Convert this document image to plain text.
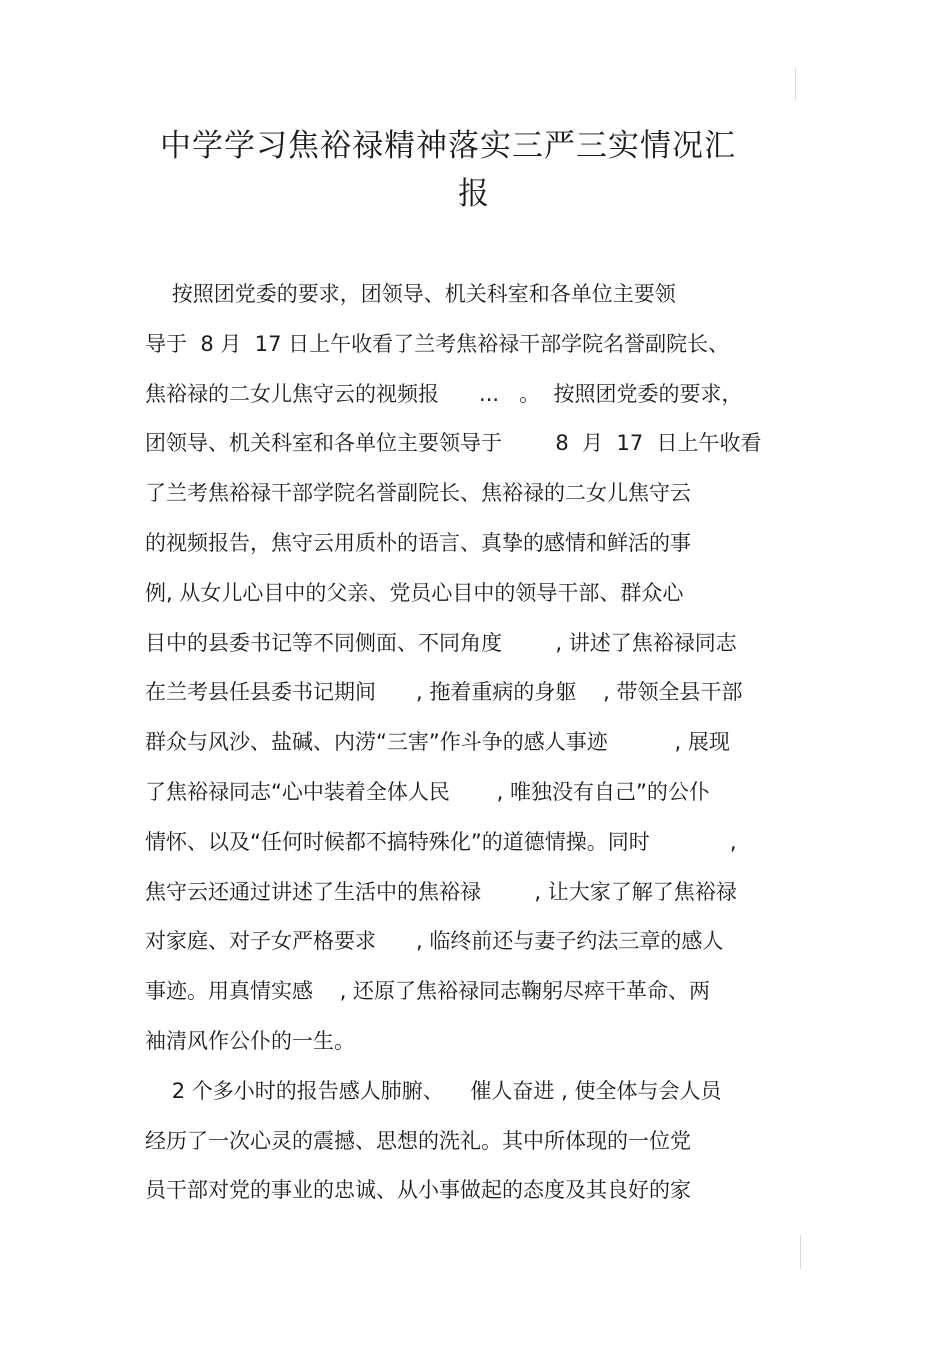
中学学习焦裕禄精神落实三严三实情况汇
报
按照团党委的要求，团领导、机关科室和各单位主要领
导于  8 月  17 日上午收看了兰考焦裕禄干部学院名誉副院长、
焦裕禄的二女儿焦守云的视频报      ...   。  按照团党委的要求，
团领导、机关科室和各单位主要领导于        8  月  17  日上午收看
了兰考焦裕禄干部学院名誉副院长、焦裕禄的二女儿焦守云
的视频报告，焦守云用质朴的语言、真挚的感情和鲜活的事
例, 从女儿心目中的父亲、党员心目中的领导干部、群众心
目中的县委书记等不同侧面、不同角度        , 讲述了焦裕禄同志
在兰考县任县委书记期间      , 拖着重病的身躯    , 带领全县干部
群众与风沙、盐碱、内涝“三害”作斗争的感人事迹          , 展现
了焦裕禄同志“心中装着全体人民       , 唯独没有自己”的公仆
情怀、以及“任何时候都不搞特殊化”的道德情操。同时            ,
焦守云还通过讲述了生活中的焦裕禄        , 让大家了解了焦裕禄
对家庭、对子女严格要求      , 临终前还与妻子约法三章的感人
事迹。用真情实感    , 还原了焦裕禄同志鞠躬尽瘁干革命、两
袖清风作公仆的一生。
2 个多小时的报告感人肺腑、    催人奋进 , 使全体与会人员
经历了一次心灵的震撼、思想的洗礼。其中所体现的一位党
员干部对党的事业的忠诚、从小事做起的态度及其良好的家
